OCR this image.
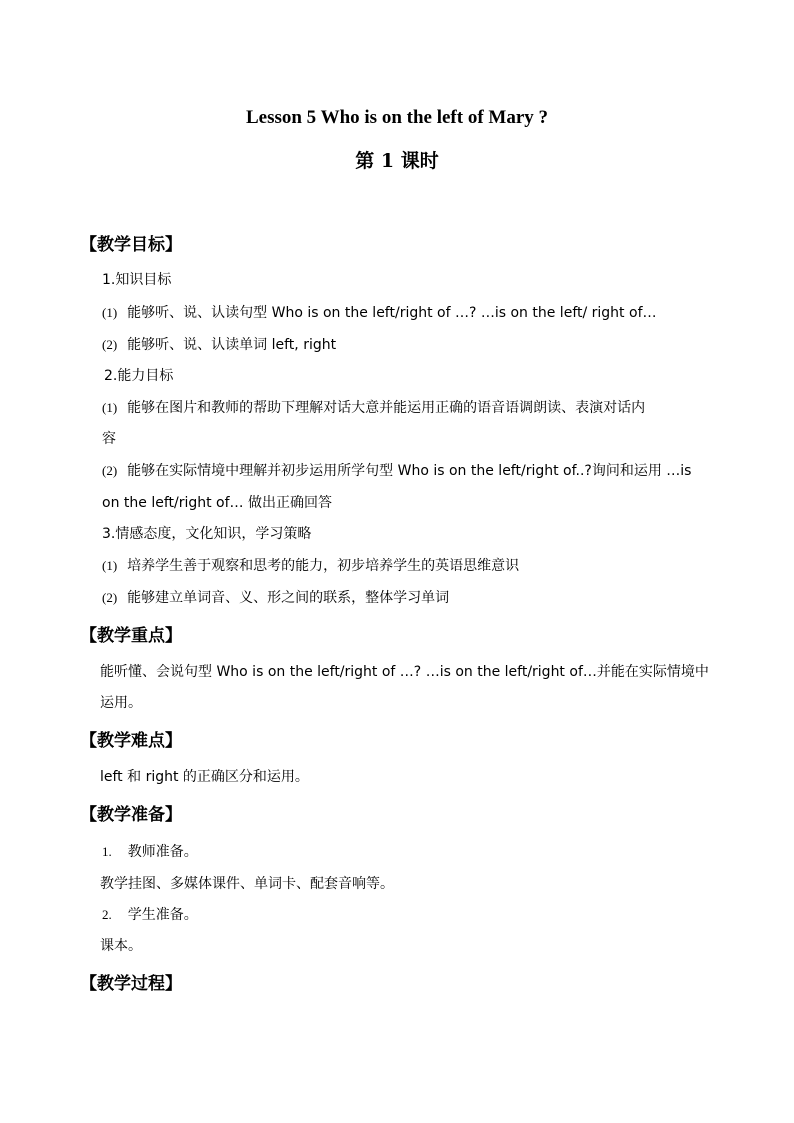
Lesson 5 Who is on the left of Mary ?
第 1 课时
【教学目标】
1.知识目标
(1) 能够听、说、认读句型 Who is on the left/right of …? …is on the left/ right of…
(2) 能够听、说、认读单词 left, right
2.能力目标
(1) 能够在图片和教师的帮助下理解对话大意并能运用正确的语音语调朗读、表演对话内
容
(2) 能够在实际情境中理解并初步运用所学句型 Who is on the left/right of..?询问和运用 …is
on the left/right of… 做出正确回答
3.情感态度，文化知识，学习策略
(1) 培养学生善于观察和思考的能力，初步培养学生的英语思维意识
(2) 能够建立单词音、义、形之间的联系，整体学习单词
【教学重点】
能听懂、会说句型 Who is on the left/right of …? …is on the left/right of…并能在实际情境中
运用。
【教学难点】
left 和 right 的正确区分和运用。
【教学准备】
1. 教师准备。
教学挂图、多媒体课件、单词卡、配套音响等。
2. 学生准备。
课本。
【教学过程】
